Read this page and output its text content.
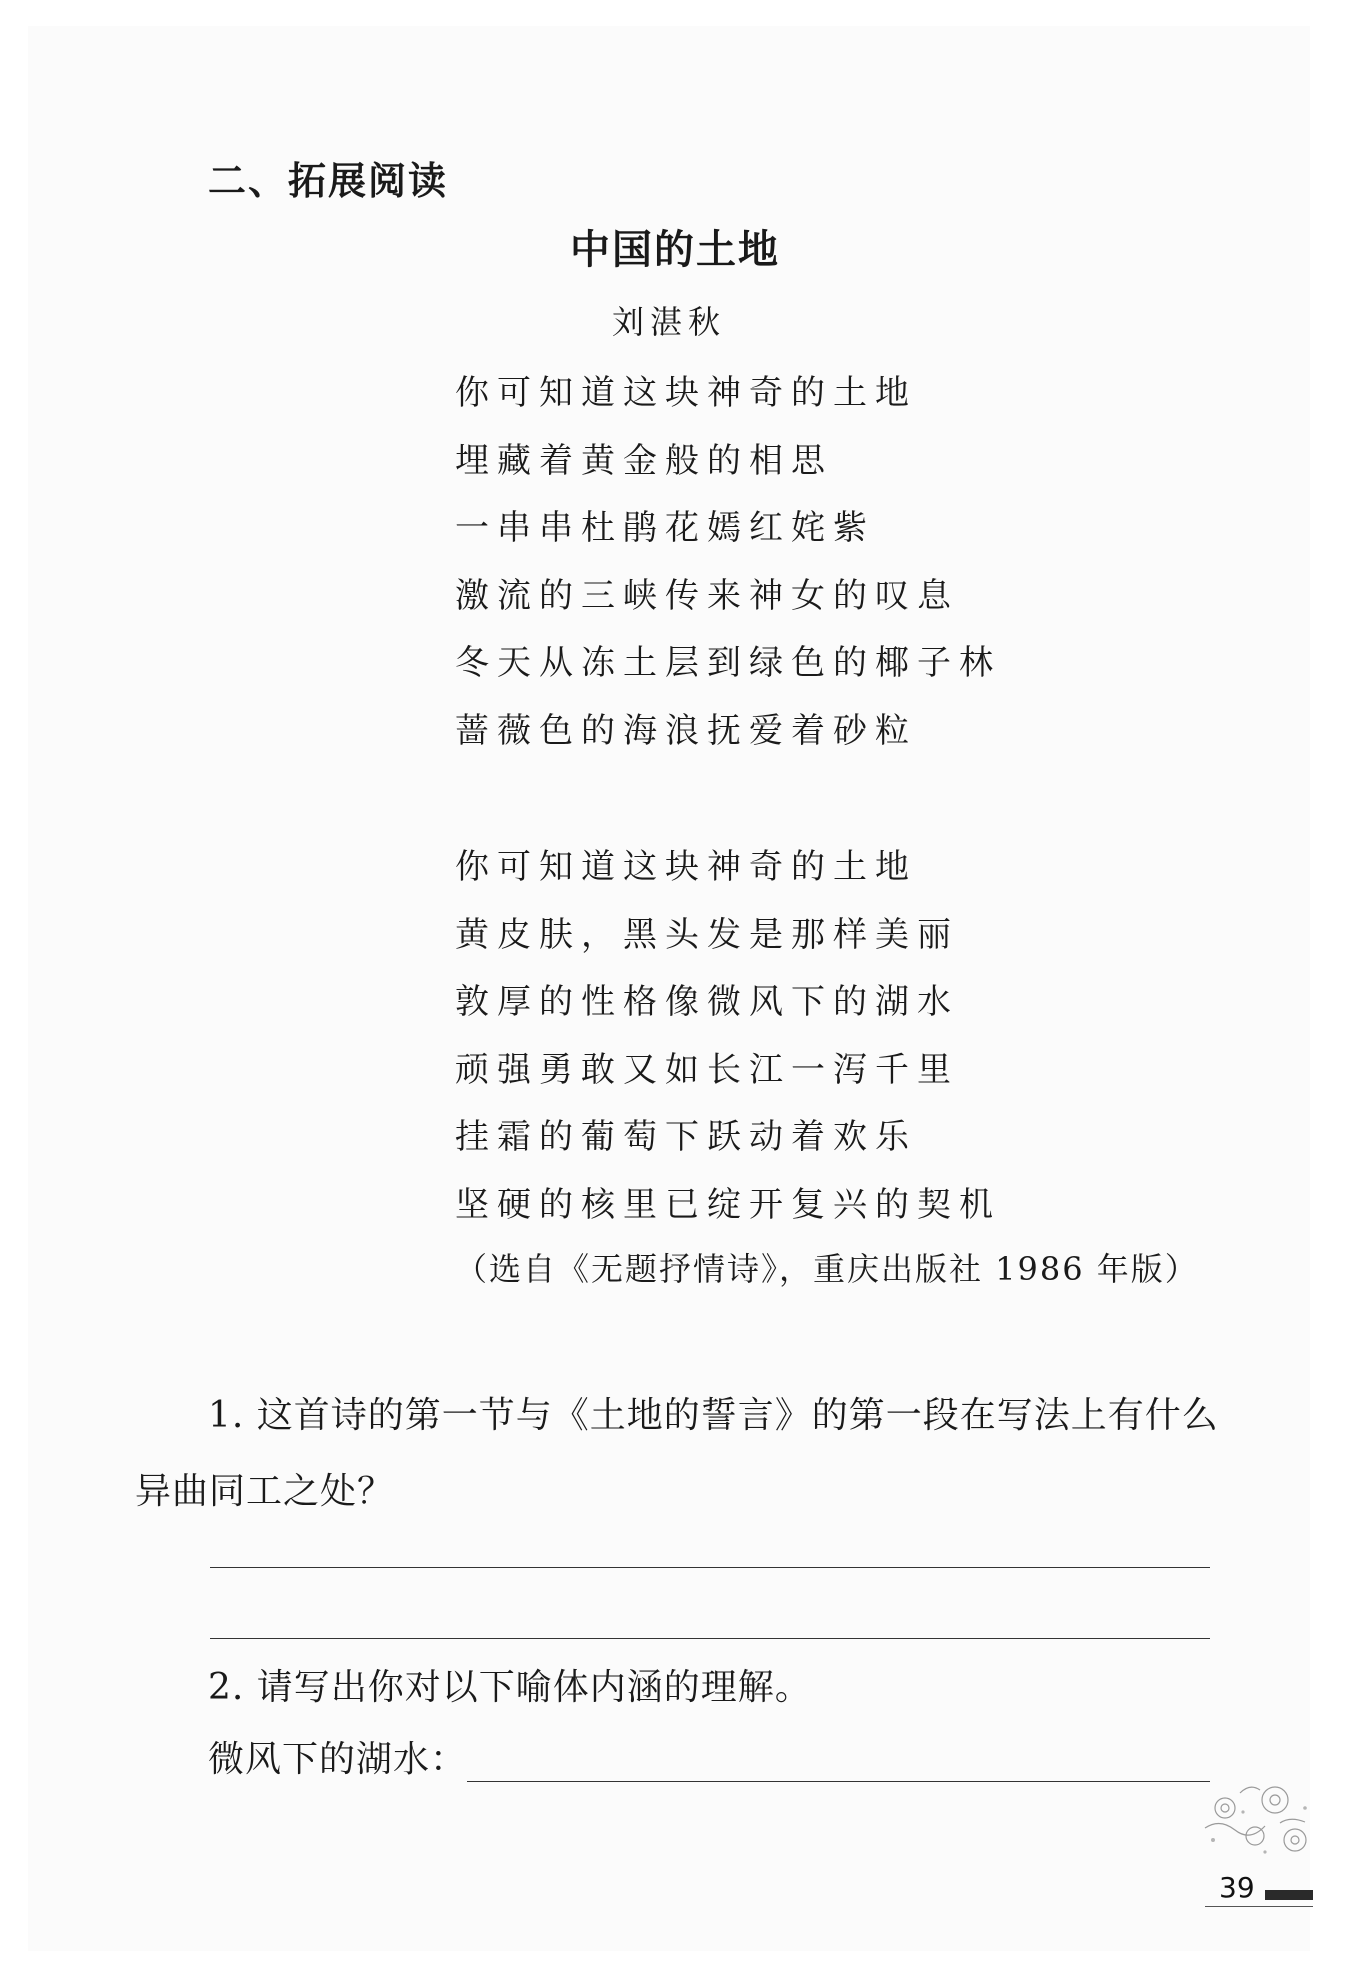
二、拓展阅读
中国的土地

刘湛秋

你可知道这块神奇的土地
埋藏着黄金般的相思
一串串杜鹃花嫣红姹紫
激流的三峡传来神女的叹息
冬天从冻土层到绿色的椰子林
蔷薇色的海浪抚爱着砂粒
你可知道这块神奇的土地
黄皮肤，黑头发是那样美丽
敦厚的性格像微风下的湖水
顽强勇敢又如长江一泻千里
挂霜的葡萄下跃动着欢乐
坚硬的核里已绽开复兴的契机

（选自《无题抒情诗》，重庆出版社 1986 年版）

1. 这首诗的第一节与《土地的誓言》的第一段在写法上有什么异曲同工之处？

2. 请写出你对以下喻体内涵的理解。

微风下的湖水：
39
